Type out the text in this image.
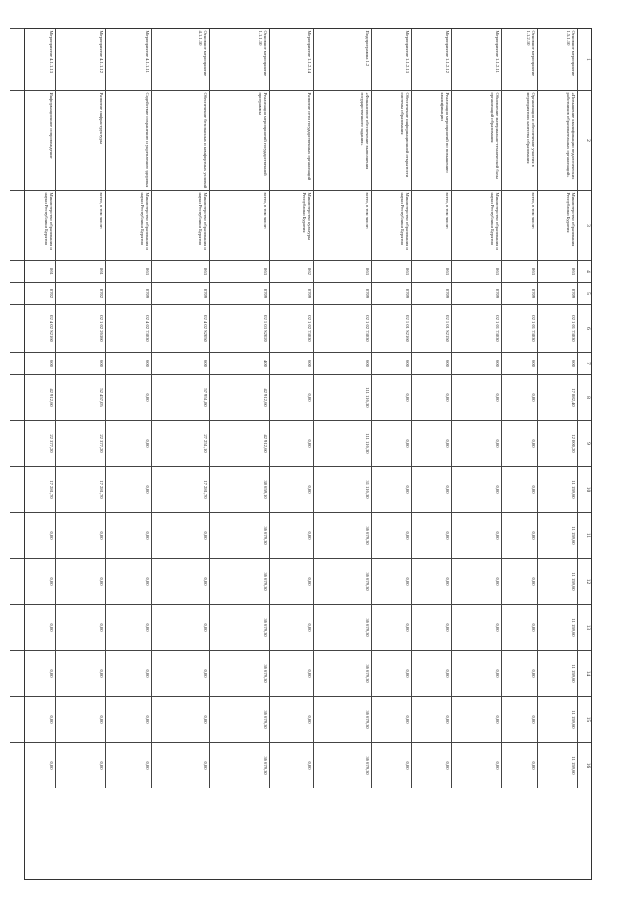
1
Основное мероприятие 1.5.1.10
Основное мероприятие 1.1.2.10
Мероприятие 1.1.2.11
Мероприятие 1.1.2.12
Мероприятие 1.1.2.13
Подпрограмма 1.2
Мероприятие 1.1.2.14
Основное мероприятие 1.1.1.10
Основное мероприятие 4.1.1.10
Мероприятие 4.1.1.11
Мероприятие 4.1.1.12
Мероприятие 4.1.1.13
2
«Повышение квалификации педагогических работников образовательных организаций»
Организация и обеспечение участия в мероприятиях качества образования
Обновление материально-технической базы организаций образования
Реализация мероприятий по повышению квалификации
Обеспечение информационной открытости системы образования
«Финансовое обеспечение выполнения государственного задания»
Развитие сети государственных организаций
Реализация мероприятий государственной программы
Обеспечение безопасных и комфортных условий
Содействие сохранению и укреплению здоровья
Развитие инфраструктуры
Информационное сопровождение
3
Министерство образования Республики Бурятия
всего, в том числе:
Министерство образования и науки Республики Бурятия
всего, в том числе:
Министерство образования и науки Республики Бурятия
всего, в том числе:
Министерство культуры Республики Бурятия
всего, в том числе:
Министерство образования и науки Республики Бурятия
Министерство образования и науки Республики Бурятия
всего, в том числе:
Министерство образования и науки Республики Бурятия
4
863
863
863
863
863
863
862
863
863
863
861
861
5
0709
0709
0709
0709
0709
0709
0709
0709
0709
0709
0702
0702
6
02 1 01 73030
02 1 01 73030
02 1 01 73030
02 1 01 S2150
02 1 01 S2160
02 1 02 73030
02 1 02 73030
02 1 03 S2020
02 4 02 S2050
02 4 02 73030
02 1 02 26360
02 4 02 S2160
7
600
600
600
600
600
600
600
400
600
600
600
600
8
17 882,40
0,00
0,00
0,00
0,00
111 116,30
0,00
42 912,60
57 951,80
0,00
52 457,05
42 912,60
9
12 000,20
0,00
0,00
0,00
0,00
111 116,30
0,00
42 912,60
27 251,10
0,00
22 377,20
22 377,20
10
11 159,60
0,00
0,00
0,00
0,00
31 116,30
0,00
38 659,10
17 281,70
0,00
17 281,70
17 281,70
11
11 159,60
0,00
0,00
0,00
0,00
36 679,30
0,00
36 679,30
0,00
0,00
0,00
0,00
12
11 159,60
0,00
0,00
0,00
0,00
36 679,30
0,00
36 679,30
0,00
0,00
0,00
0,00
13
11 159,60
0,00
0,00
0,00
0,00
36 679,30
0,00
36 679,30
0,00
0,00
0,00
0,00
14
11 159,60
0,00
0,00
0,00
0,00
36 679,30
0,00
36 679,30
0,00
0,00
0,00
0,00
15
11 159,60
0,00
0,00
0,00
0,00
36 679,30
0,00
36 679,30
0,00
0,00
0,00
0,00
16
11 159,60
0,00
0,00
0,00
0,00
36 679,30
0,00
36 679,30
0,00
0,00
0,00
0,00
